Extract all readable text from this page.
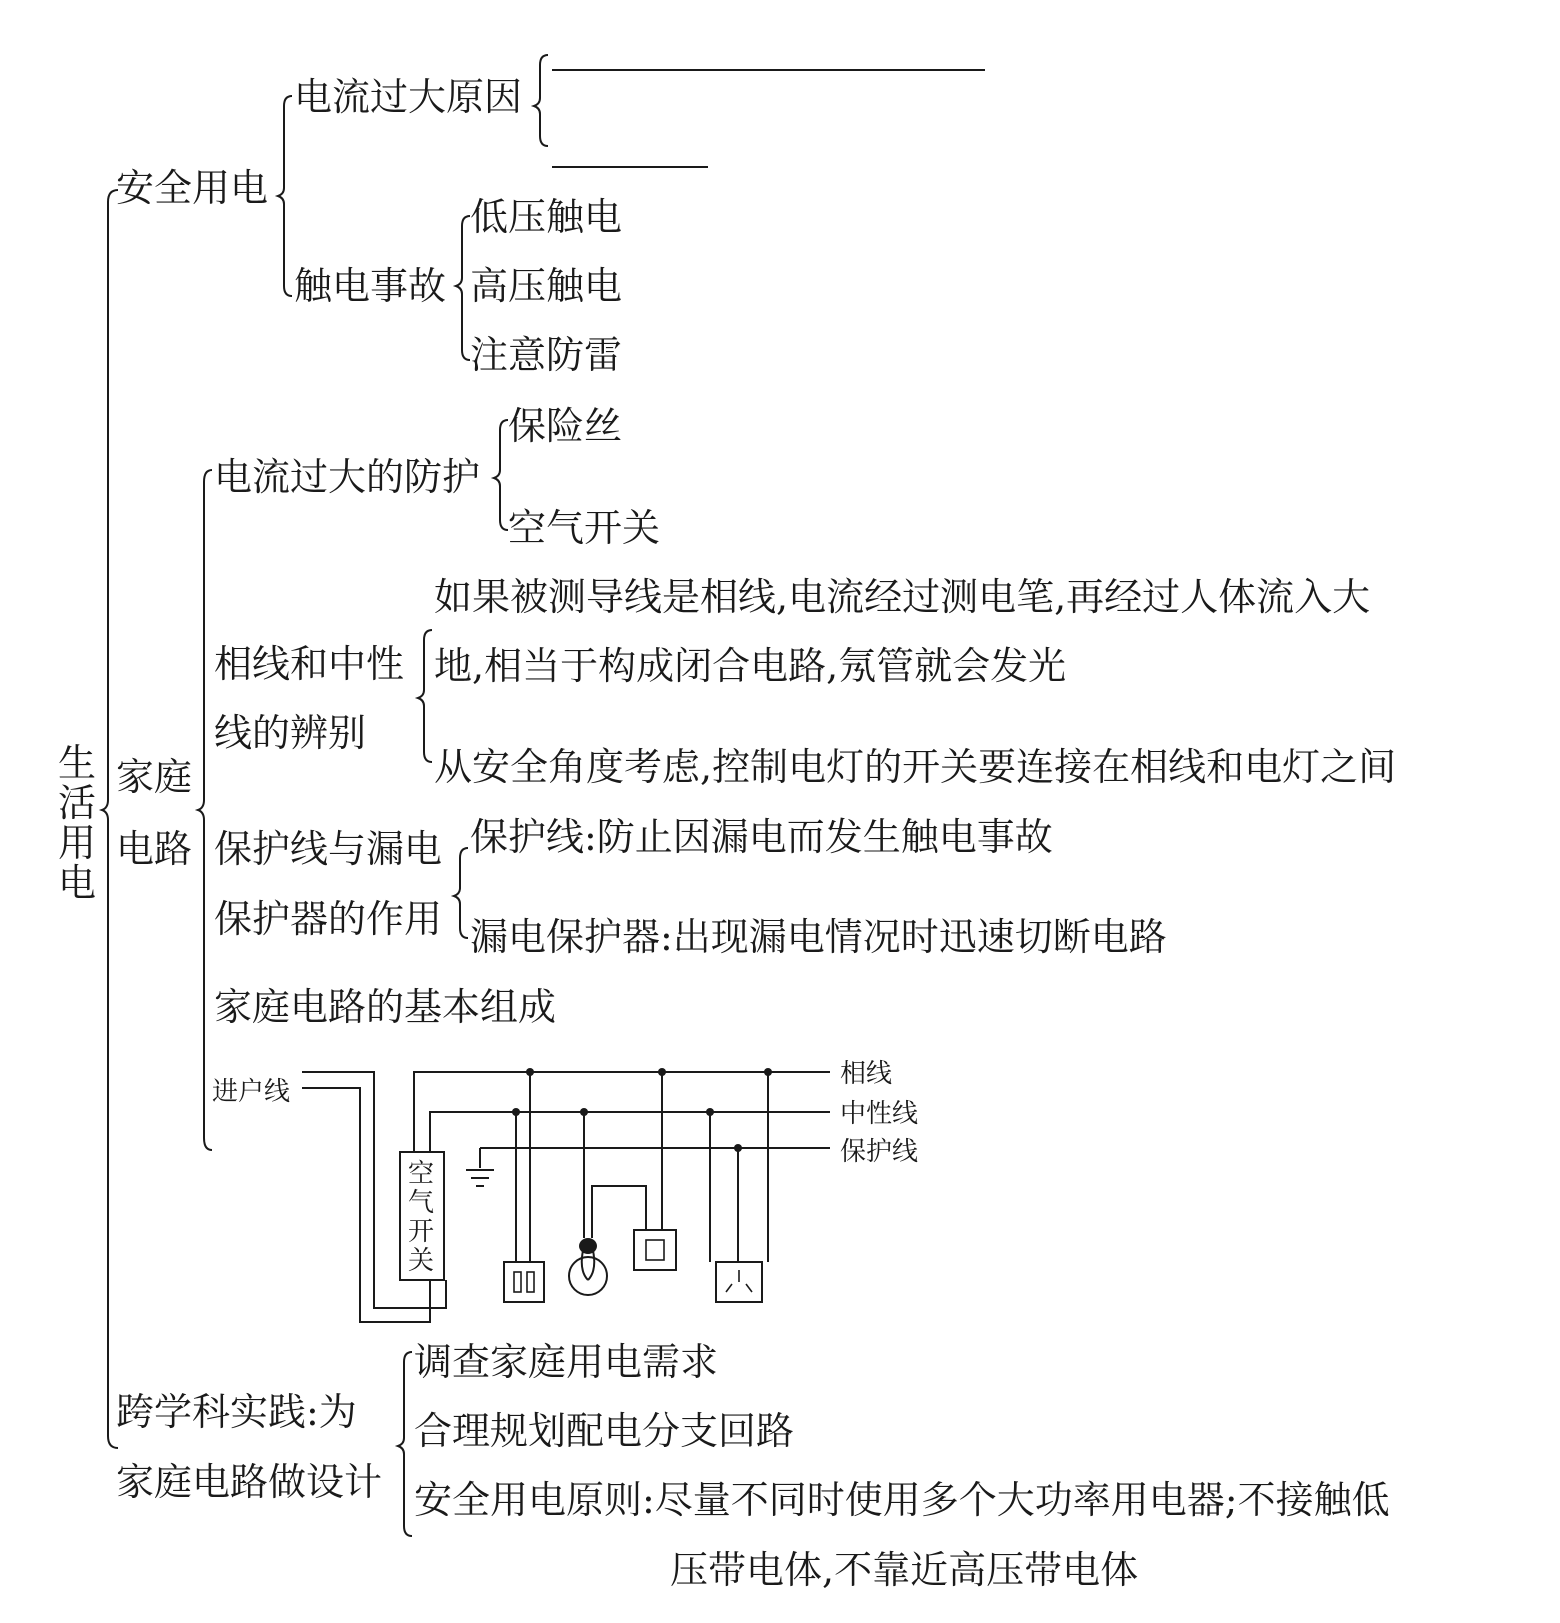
生
活
用
电
安全用电
电流过大原因
触电事故
低压触电
高压触电
注意防雷
家庭
电路
电流过大的防护
保险丝
空气开关
相线和中性
线的辨别
如果被测导线是相线,电流经过测电笔,再经过人体流入大
地,相当于构成闭合电路,氖管就会发光
从安全角度考虑,控制电灯的开关要连接在相线和电灯之间
保护线与漏电
保护器的作用
保护线:防止因漏电而发生触电事故
漏电保护器:出现漏电情况时迅速切断电路
家庭电路的基本组成
进户线
空
气
开
关
相线
中性线
保护线
跨学科实践:为
家庭电路做设计
调查家庭用电需求
合理规划配电分支回路
安全用电原则:尽量不同时使用多个大功率用电器;不接触低
压带电体,不靠近高压带电体
